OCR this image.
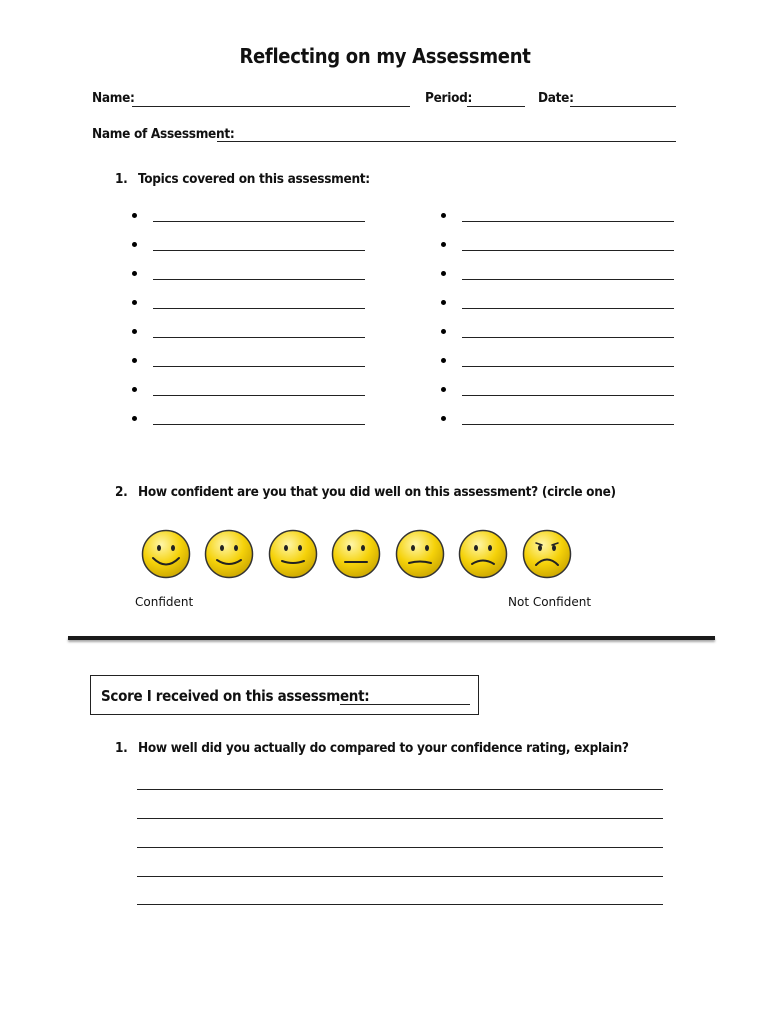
Reflecting on my Assessment
Name:	Period:	Date:
Name of Assessment:
1. Topics covered on this assessment:
2. How confident are you that you did well on this assessment? (circle one)
Confident	Not Confident
Score I received on this assessment:
1. How well did you actually do compared to your confidence rating, explain?
